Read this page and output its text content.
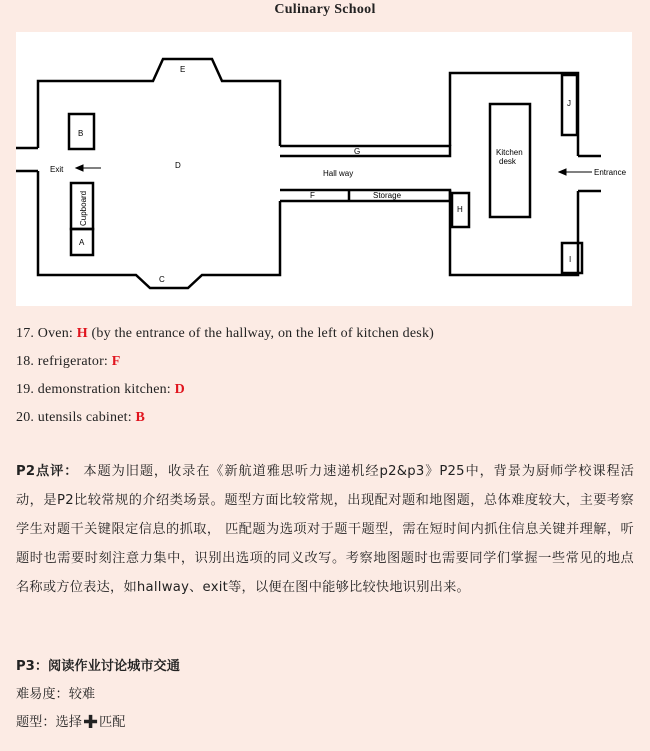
Culinary School
E
B
D
Exit
Cupboard
A
C
G
Hall way
F	Storage
H
Kitchen
desk
J
Entrance
I
17. Oven: H (by the entrance of the hallway, on the left of kitchen desk)
18. refrigerator: F
19. demonstration kitchen: D
20. utensils cabinet: B
P2点评： 本题为旧题，收录在《新航道雅思听力速递机经p2&p3》P25中，背景为厨师学校课程活动，是P2比较常规的介绍类场景。题型方面比较常规，出现配对题和地图题，总体难度较大，主要考察学生对题干关键限定信息的抓取， 匹配题为选项对于题干题型，需在短时间内抓住信息关键并理解，听题时也需要时刻注意力集中，识别出选项的同义改写。考察地图题时也需要同学们掌握一些常见的地点名称或方位表达，如hallway、exit等，以便在图中能够比较快地识别出来。
P3：阅读作业讨论城市交通
难易度：较难
题型：选择✚匹配
